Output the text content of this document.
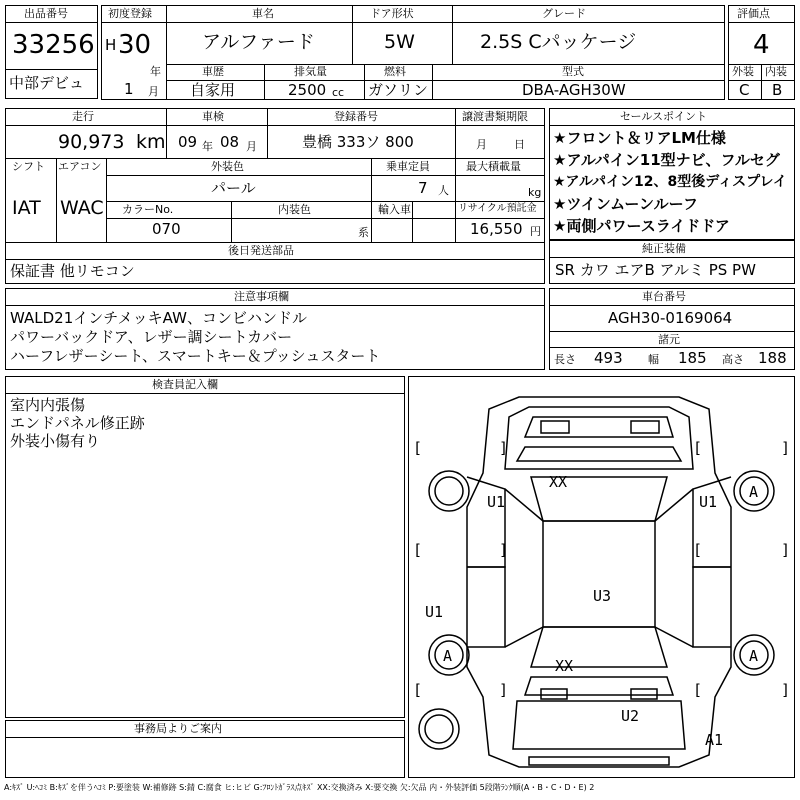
出品番号
33256
中部デビュ
初度登録
H 30
年
1 月
車名
アルファード
ドア形状
5W
グレード
2.5S Cパッケージ
車歴
自家用
排気量
2500 cc
燃料
ガソリン
型式
DBA-AGH30W
評価点
4
外装 内装
C B
走行
90,973 km
車検
09 年 08 月
登録番号
豊橋 333ソ 800
譲渡書類期限
月 日
シフト
IAT
エアコン
WAC
外装色
パール
乗車定員
7 人
最大積載量
kg
カラーNo.
070
内装色
系
輸入車	リサイクル預託金
16,550 円
後日発送部品
保証書 他リモコン
セールスポイント
★フロント＆リアLM仕様
★アルパイン11型ナビ、フルセグ
★アルパイン12、8型後ディスプレイ
★ツインムーンルーフ
★両側パワースライドドア
純正装備
SR カワ エアB アルミ PS PW
注意事項欄
WALD21インチメッキAW、コンビハンドル
パワーバックドア、レザー調シートカバー
ハーフレザーシート、スマートキー＆プッシュスタート
車台番号
AGH30-0169064
諸元
長さ 493 幅 185 高さ 188
検査員記入欄
室内内張傷
エンドパネル修正跡
外装小傷有り
事務局よりご案内
XX
U1	U1
A
U3
U1
A	A
XX
U2
A1
[	]	[	]
[	]	[	]
[	]	[	]
A:ｷｽﾞ U:ﾍｺﾐ B:ｷｽﾞを伴うﾍｺﾐ P:要塗装 W:補修跡 S:錆 C:腐食 ヒ:ヒビ G:ﾌﾛﾝﾄｶﾞﾗｽ点ｷｽﾞ XX:交換済み X:要交換 欠:欠品 内・外装評価 5段階ﾗﾝｸ順(A・B・C・D・E) 2
